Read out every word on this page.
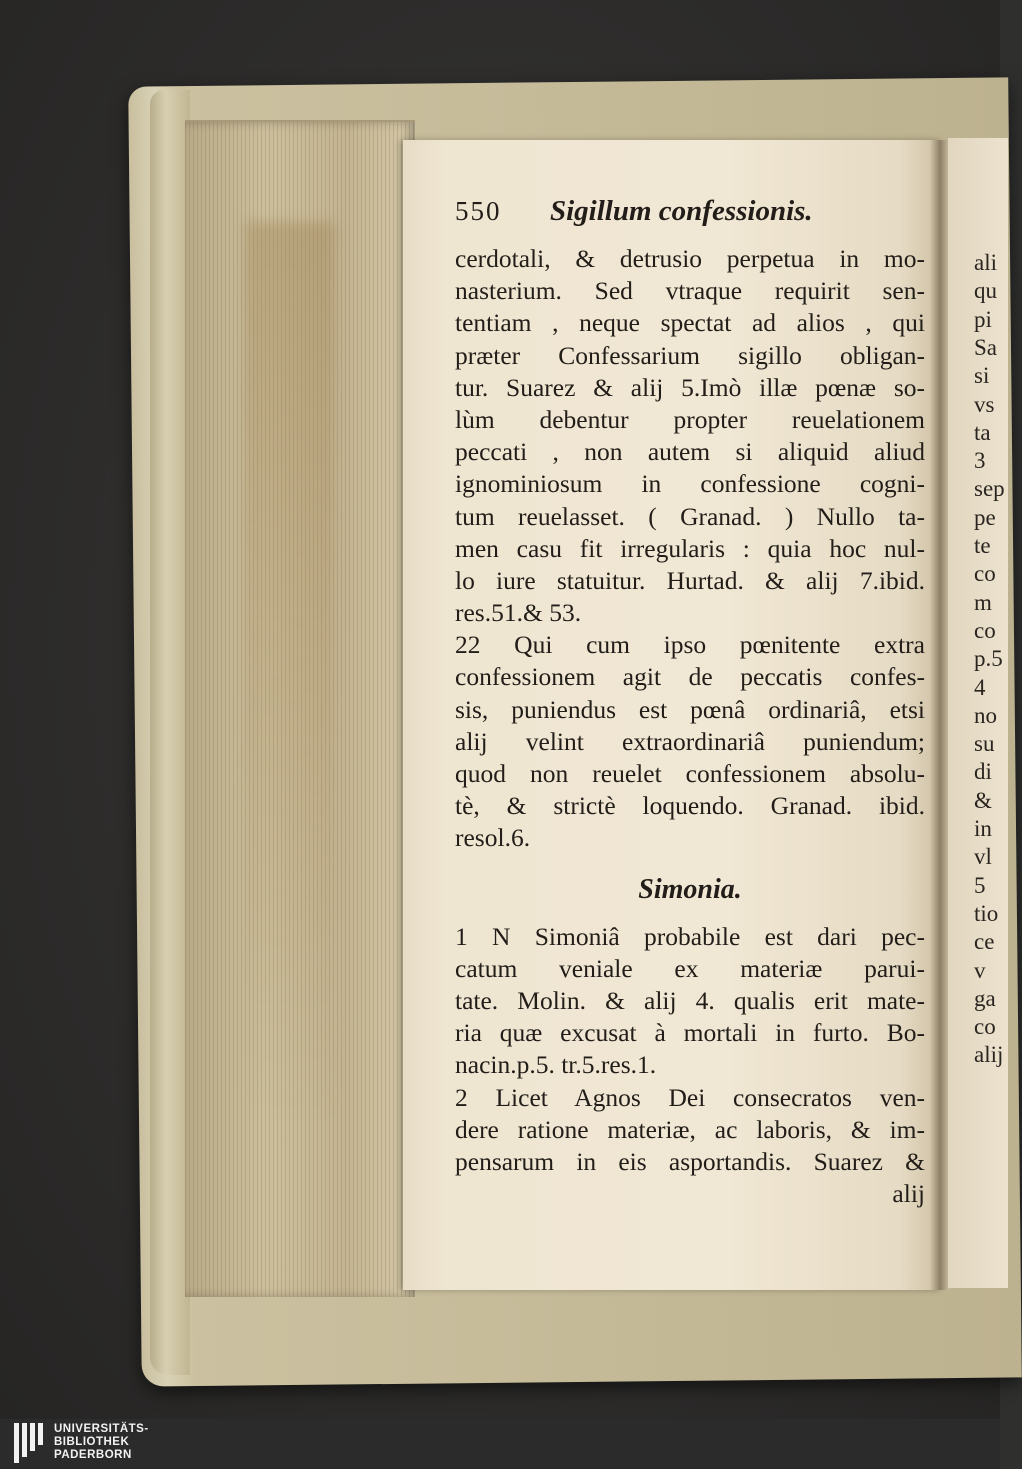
ali
qu
pi
Sa
si
vs
ta
3
sep
pe
te
co
m
co
p.5
4
no
su
di
&
in
vl
5
tio
ce
v
ga
co
alij
550	Sigillum confessionis.
cerdotali, & detrusio perpetua in mo-
nasterium. Sed vtraque requirit sen-
tentiam , neque spectat ad alios , qui
præter Confessarium sigillo obligan-
tur. Suarez & alij 5.Imò illæ pœnæ so-
lùm debentur propter reuelationem
peccati , non autem si aliquid aliud
ignominiosum in confessione cogni-
tum reuelasset. ( Granad. ) Nullo ta-
men casu fit irregularis : quia hoc nul-
lo iure statuitur. Hurtad. & alij 7.ibid.
res.51.& 53.
22 Qui cum ipso pœnitente extra
confessionem agit de peccatis confes-
sis, puniendus est pœnâ ordinariâ, etsi
alij velint extraordinariâ puniendum;
quod non reuelet confessionem absolu-
tè, & strictè loquendo. Granad. ibid.
resol.6.
Simonia.
1 N Simoniâ probabile est dari pec-
catum veniale ex materiæ parui-
tate. Molin. & alij 4. qualis erit mate-
ria quæ excusat à mortali in furto. Bo-
nacin.p.5. tr.5.res.1.
2 Licet Agnos Dei consecratos ven-
dere ratione materiæ, ac laboris, & im-
pensarum in eis asportandis. Suarez &
alij
UNIVERSITÄTS-
BIBLIOTHEK
PADERBORN
